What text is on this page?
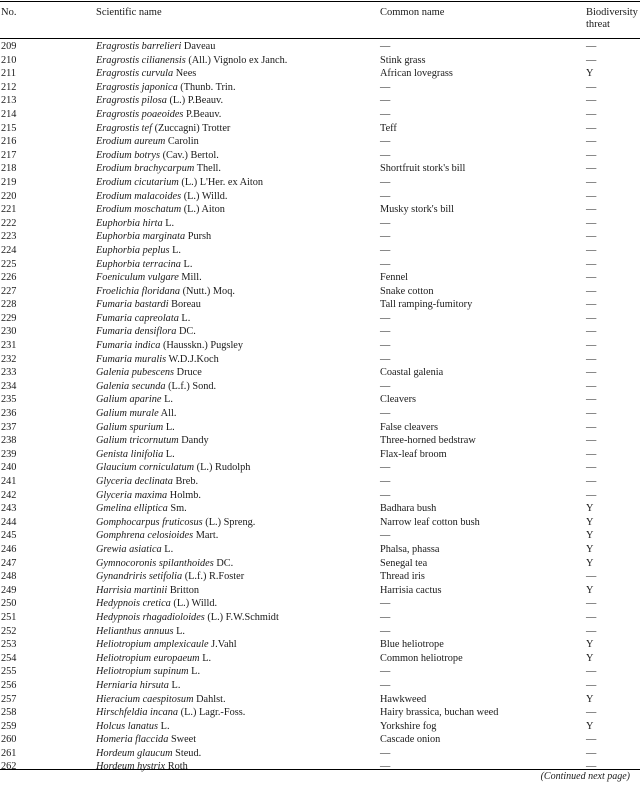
No.	Scientific name	Common name	Biodiversity threat
209	Eragrostis barrelieri Daveau	—	—
210	Eragrostis cilianensis (All.) Vignolo ex Janch.	Stink grass	—
211	Eragrostis curvula Nees	African lovegrass	Y
212	Eragrostis japonica (Thunb. Trin.	—	—
213	Eragrostis pilosa (L.) P.Beauv.	—	—
214	Eragrostis poaeoides P.Beauv.	—	—
215	Eragrostis tef (Zuccagni) Trotter	Teff	—
216	Erodium aureum Carolin	—	—
217	Erodium botrys (Cav.) Bertol.	—	—
218	Erodium brachycarpum Thell.	Shortfruit stork's bill	—
219	Erodium cicutarium (L.) L'Her. ex Aiton	—	—
220	Erodium malacoides (L.) Willd.	—	—
221	Erodium moschatum (L.) Aiton	Musky stork's bill	—
222	Euphorbia hirta L.	—	—
223	Euphorbia marginata Pursh	—	—
224	Euphorbia peplus L.	—	—
225	Euphorbia terracina L.	—	—
226	Foeniculum vulgare Mill.	Fennel	—
227	Froelichia floridana (Nutt.) Moq.	Snake cotton	—
228	Fumaria bastardi Boreau	Tall ramping-fumitory	—
229	Fumaria capreolata L.	—	—
230	Fumaria densiflora DC.	—	—
231	Fumaria indica (Hausskn.) Pugsley	—	—
232	Fumaria muralis W.D.J.Koch	—	—
233	Galenia pubescens Druce	Coastal galenia	—
234	Galenia secunda (L.f.) Sond.	—	—
235	Galium aparine L.	Cleavers	—
236	Galium murale All.	—	—
237	Galium spurium L.	False cleavers	—
238	Galium tricornutum Dandy	Three-horned bedstraw	—
239	Genista linifolia L.	Flax-leaf broom	—
240	Glaucium corniculatum (L.) Rudolph	—	—
241	Glyceria declinata Breb.	—	—
242	Glyceria maxima Holmb.	—	—
243	Gmelina elliptica Sm.	Badhara bush	Y
244	Gomphocarpus fruticosus (L.) Spreng.	Narrow leaf cotton bush	Y
245	Gomphrena celosioides Mart.	—	Y
246	Grewia asiatica L.	Phalsa, phassa	Y
247	Gymnocoronis spilanthoides DC.	Senegal tea	Y
248	Gynandriris setifolia (L.f.) R.Foster	Thread iris	—
249	Harrisia martinii Britton	Harrisia cactus	Y
250	Hedypnois cretica (L.) Willd.	—	—
251	Hedypnois rhagadioloides (L.) F.W.Schmidt	—	—
252	Helianthus annuus L.	—	—
253	Heliotropium amplexicaule J.Vahl	Blue heliotrope	Y
254	Heliotropium europaeum L.	Common heliotrope	Y
255	Heliotropium supinum L.	—	—
256	Herniaria hirsuta L.	—	—
257	Hieracium caespitosum Dahlst.	Hawkweed	Y
258	Hirschfeldia incana (L.) Lagr.-Foss.	Hairy brassica, buchan weed	—
259	Holcus lanatus L.	Yorkshire fog	Y
260	Homeria flaccida Sweet	Cascade onion	—
261	Hordeum glaucum Steud.	—	—
262	Hordeum hystrix Roth	—	—
(Continued next page)
